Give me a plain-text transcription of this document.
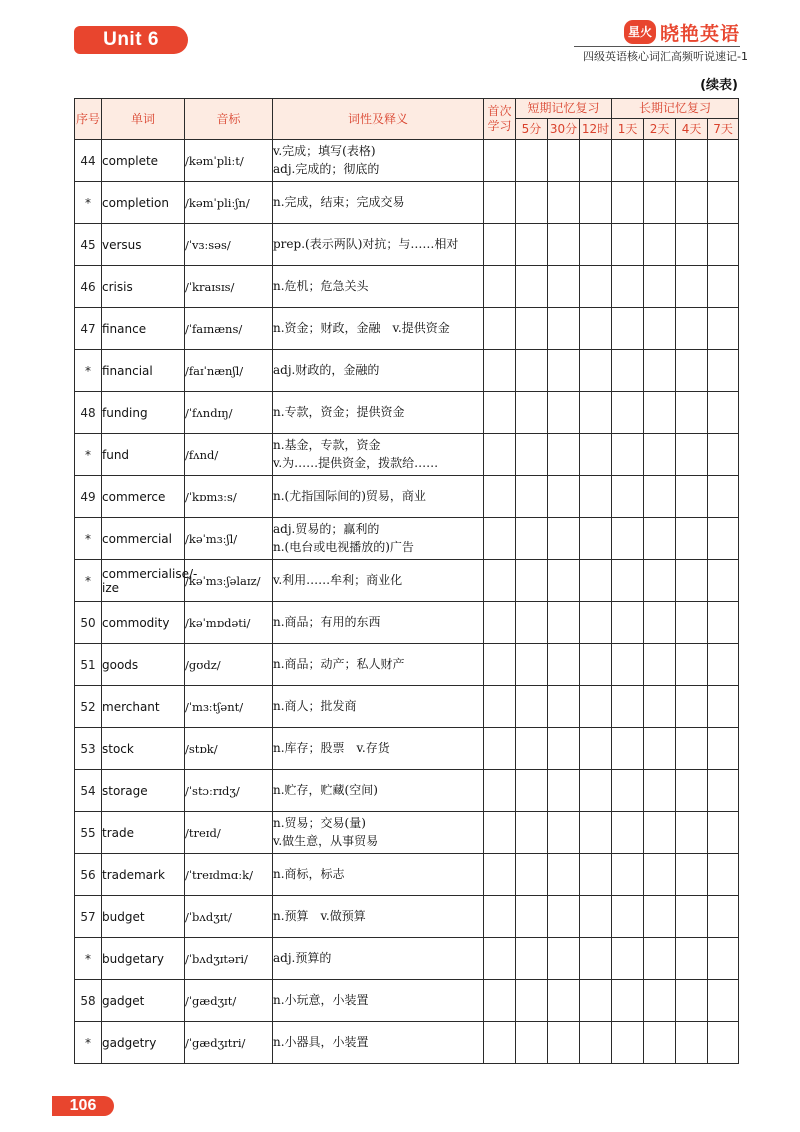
Unit 6	星火 晓艳英语
四级英语核心词汇高频听说速记-1
(续表)
序号	单词	音标	词性及释义	首次学习	短期记忆复习			长期记忆复习			
					5分	30分	12时	1天	2天	4天	7天
44	complete	/kəmˈpliːt/	v.完成；填写(表格)
adj.完成的；彻底的								

*	completion	/kəmˈpliːʃn/	n.完成，结束；完成交易								

45	versus	/ˈvɜːsəs/	prep.(表示两队)对抗；与……相对								

46	crisis	/ˈkraɪsɪs/	n.危机；危急关头								

47	finance	/ˈfaɪnæns/	n.资金；财政，金融　v.提供资金								

*	financial	/faɪˈnænʃl/	adj.财政的，金融的								

48	funding	/ˈfʌndɪŋ/	n.专款，资金；提供资金								

*	fund	/fʌnd/	n.基金，专款，资金
v.为……提供资金，拨款给……								

49	commerce	/ˈkɒmɜːs/	n.(尤指国际间的)贸易，商业								

*	commercial	/kəˈmɜːʃl/	adj.贸易的；赢利的
n.(电台或电视播放的)广告								

*	commercialise/-ize	/kəˈmɜːʃəlaɪz/	v.利用……牟利；商业化								

50	commodity	/kəˈmɒdəti/	n.商品；有用的东西								

51	goods	/gʊdz/	n.商品；动产；私人财产								

52	merchant	/ˈmɜːtʃənt/	n.商人；批发商								

53	stock	/stɒk/	n.库存；股票　v.存货								

54	storage	/ˈstɔːrɪdʒ/	n.贮存，贮藏(空间)								

55	trade	/treɪd/	n.贸易；交易(量)
v.做生意，从事贸易								

56	trademark	/ˈtreɪdmɑːk/	n.商标，标志								

57	budget	/ˈbʌdʒɪt/	n.预算　v.做预算								

*	budgetary	/ˈbʌdʒɪtəri/	adj.预算的								

58	gadget	/ˈgædʒɪt/	n.小玩意，小装置								

*	gadgetry	/ˈgædʒɪtri/	n.小器具，小装置								

106
